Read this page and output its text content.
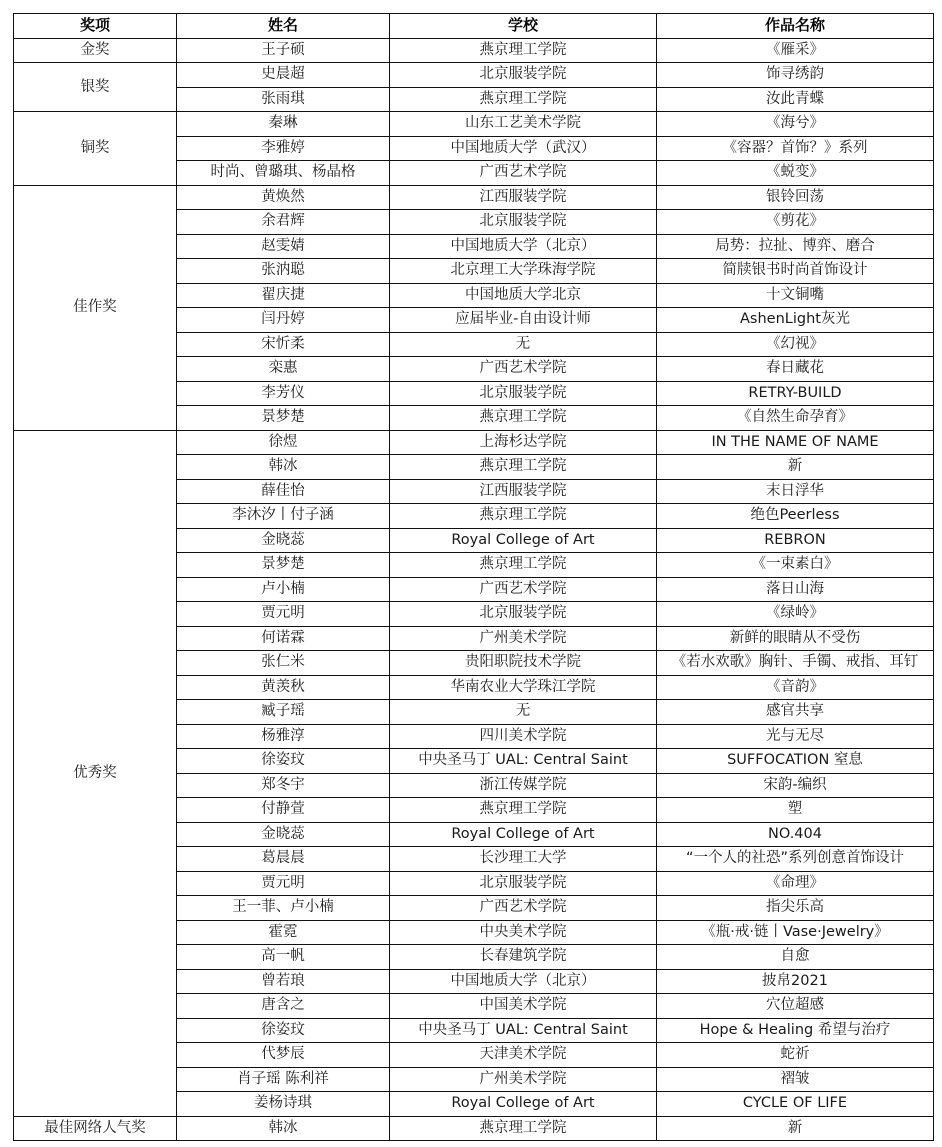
奖项	姓名	学校	作品名称
金奖	王子硕	燕京理工学院	《雁采》
银奖	史晨超	北京服装学院	饰寻绣韵
	张雨琪	燕京理工学院	汝此青蝶
铜奖	秦琳	山东工艺美术学院	《海兮》
	李雅婷	中国地质大学（武汉）	《容器？首饰？》系列
	时尚、曾璐琪、杨晶格	广西艺术学院	《蜕变》
佳作奖	黄焕然	江西服装学院	银铃回荡
	余君辉	北京服装学院	《剪花》
	赵雯婧	中国地质大学（北京）	局势：拉扯、博弈、磨合
	张汭聪	北京理工大学珠海学院	简牍银书时尚首饰设计
	翟庆捷	中国地质大学北京	十文铜嘴
	闫丹婷	应届毕业-自由设计师	AshenLight灰光
	宋忻柔	无	《幻视》
	栾惠	广西艺术学院	春日藏花
	李芳仪	北京服装学院	RETRY-BUILD
	景梦楚	燕京理工学院	《自然生命孕育》
优秀奖	徐煜	上海杉达学院	IN THE NAME OF NAME
	韩冰	燕京理工学院	新
	薛佳怡	江西服装学院	末日浮华
	李沐汐丨付子涵	燕京理工学院	绝色Peerless
	金晓蕊	Royal College of Art	REBRON
	景梦楚	燕京理工学院	《一束素白》
	卢小楠	广西艺术学院	落日山海
	贾元明	北京服装学院	《绿岭》
	何诺霖	广州美术学院	新鲜的眼睛从不受伤
	张仁米	贵阳职院技术学院	《若水欢歌》胸针、手镯、戒指、耳钉
	黄羡秋	华南农业大学珠江学院	《音韵》
	臧子瑶	无	感官共享
	杨雅淳	四川美术学院	光与无尽
	徐姿玟	中央圣马丁 UAL: Central Saint	SUFFOCATION 窒息
	郑冬宇	浙江传媒学院	宋韵-编织
	付静萱	燕京理工学院	塑
	金晓蕊	Royal College of Art	NO.404
	葛晨晨	长沙理工大学	“一个人的社恐”系列创意首饰设计
	贾元明	北京服装学院	《命理》
	王一菲、卢小楠	广西艺术学院	指尖乐高
	霍霓	中央美术学院	《瓶·戒·链丨Vase·Jewelry》
	高一帆	长春建筑学院	自愈
	曾若琅	中国地质大学（北京）	披帛2021
	唐含之	中国美术学院	穴位超感
	徐姿玟	中央圣马丁 UAL: Central Saint	Hope & Healing 希望与治疗
	代梦辰	天津美术学院	蛇祈
	肖子瑶 陈利祥	广州美术学院	褶皱
	姜杨诗琪	Royal College of Art	CYCLE OF LIFE
最佳网络人气奖	韩冰	燕京理工学院	新
